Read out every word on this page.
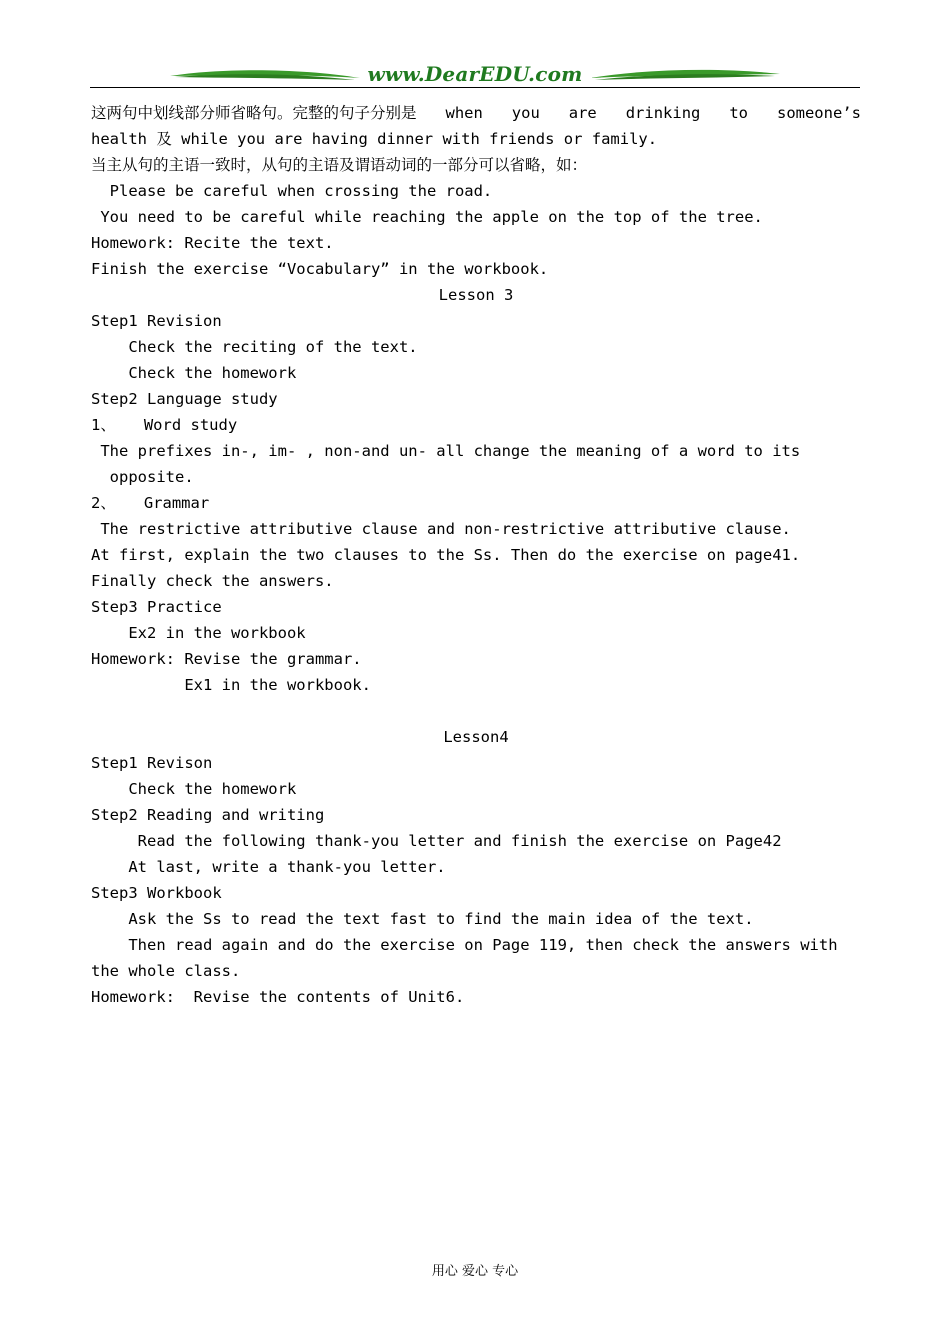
www.DearEDU.com
这两句中划线部分师省略句。完整的句子分别是 when you are drinking to someone’s
health 及 while you are having dinner with friends or family.
当主从句的主语一致时，从句的主语及谓语动词的一部分可以省略，如：
Please be careful when crossing the road.
You need to be careful while reaching the apple on the top of the tree.
Homework: Recite the text.
Finish the exercise “Vocabulary” in the workbook.
Lesson 3
Step1 Revision
Check the reciting of the text.
Check the homework
Step2 Language study
1、   Word study
The prefixes in-, im- , non-and un- all change the meaning of a word to its
opposite.
2、   Grammar
The restrictive attributive clause and non-restrictive attributive clause.
At first, explain the two clauses to the Ss. Then do the exercise on page41.
Finally check the answers.
Step3 Practice
Ex2 in the workbook
Homework: Revise the grammar.
Ex1 in the workbook.
Lesson4
Step1 Revison
Check the homework
Step2 Reading and writing
Read the following thank-you letter and finish the exercise on Page42
At last, write a thank-you letter.
Step3 Workbook
Ask the Ss to read the text fast to find the main idea of the text.
Then read again and do the exercise on Page 119, then check the answers with
the whole class.
Homework:  Revise the contents of Unit6.
用心 爱心 专心
